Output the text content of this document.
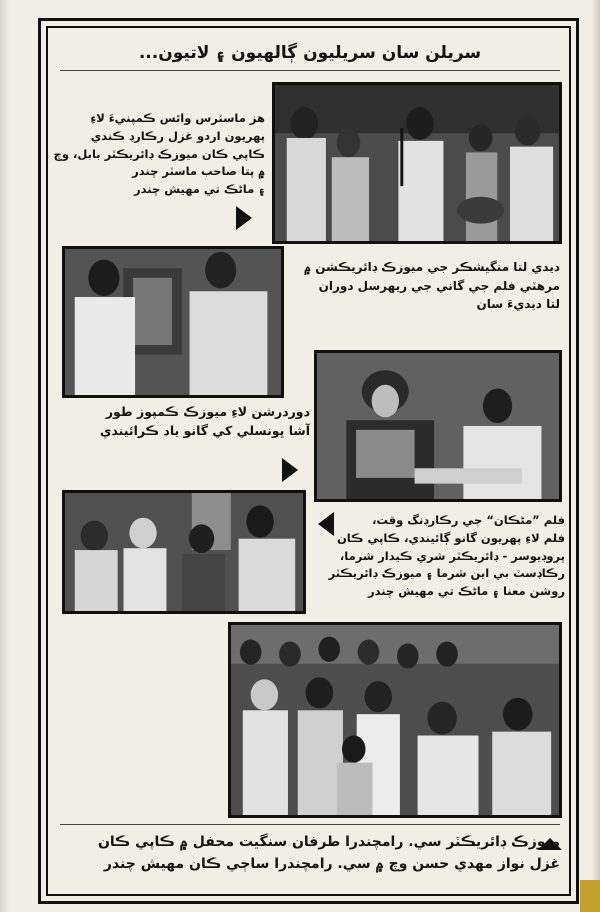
سريلن سان سريليون ڳالهيون ۽ لاتيون...
هز ماسٽرس وائس ڪمپنيءَ لاءِ
پهريون اردو غزل رڪارڊ ڪندي
ڪاپي ڪان ميوزڪ ڊائريڪٽر بابل، وچ
۾ پتا صاحب ماسٽر چندر
۽ ماڻڪ تي مهيش چندر
ديدي لتا منگيشڪر جي ميوزڪ ڊائريڪشن ۾
مرهٽي فلم جي گاني جي ريهرسل دوران
لتا ديديءَ سان
دوردرشن لاءِ ميوزڪ ڪمپوز طور
آشا ڀونسلي کي گانو ياد ڪرائيندي
فلم ”مڻڪان“ جي رڪارڊنگ وقت،
فلم لاءِ پهريون گانو ڳائيندي، ڪاپي ڪان
پروڊيوسر - ڊائريڪٽر شري ڪيدار شرما،
رڪاڊسٽ بي اين شرما ۽ ميوزڪ ڊائريڪٽر
روشن معنا ۽ ماڻڪ تي مهيش چندر
ميوزڪ ڊائريڪٽر سي. رامچندرا طرفان سنگيت محفل ۾ ڪاپي ڪان
غزل نواز مهدي حسن وچ ۾ سي. رامچندرا ساڄي ڪان مهيش چندر
